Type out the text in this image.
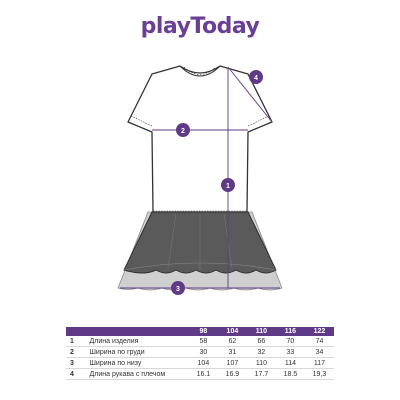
playToday
1
2
3
4
		98	104	110	116	122
1	Длина изделия	58	62	66	70	74
2	Ширина по груди	30	31	32	33	34
3	Ширина по низу	104	107	110	114	117
4	Длина рукава с плечом	16.1	16.9	17.7	18.5	19,3
